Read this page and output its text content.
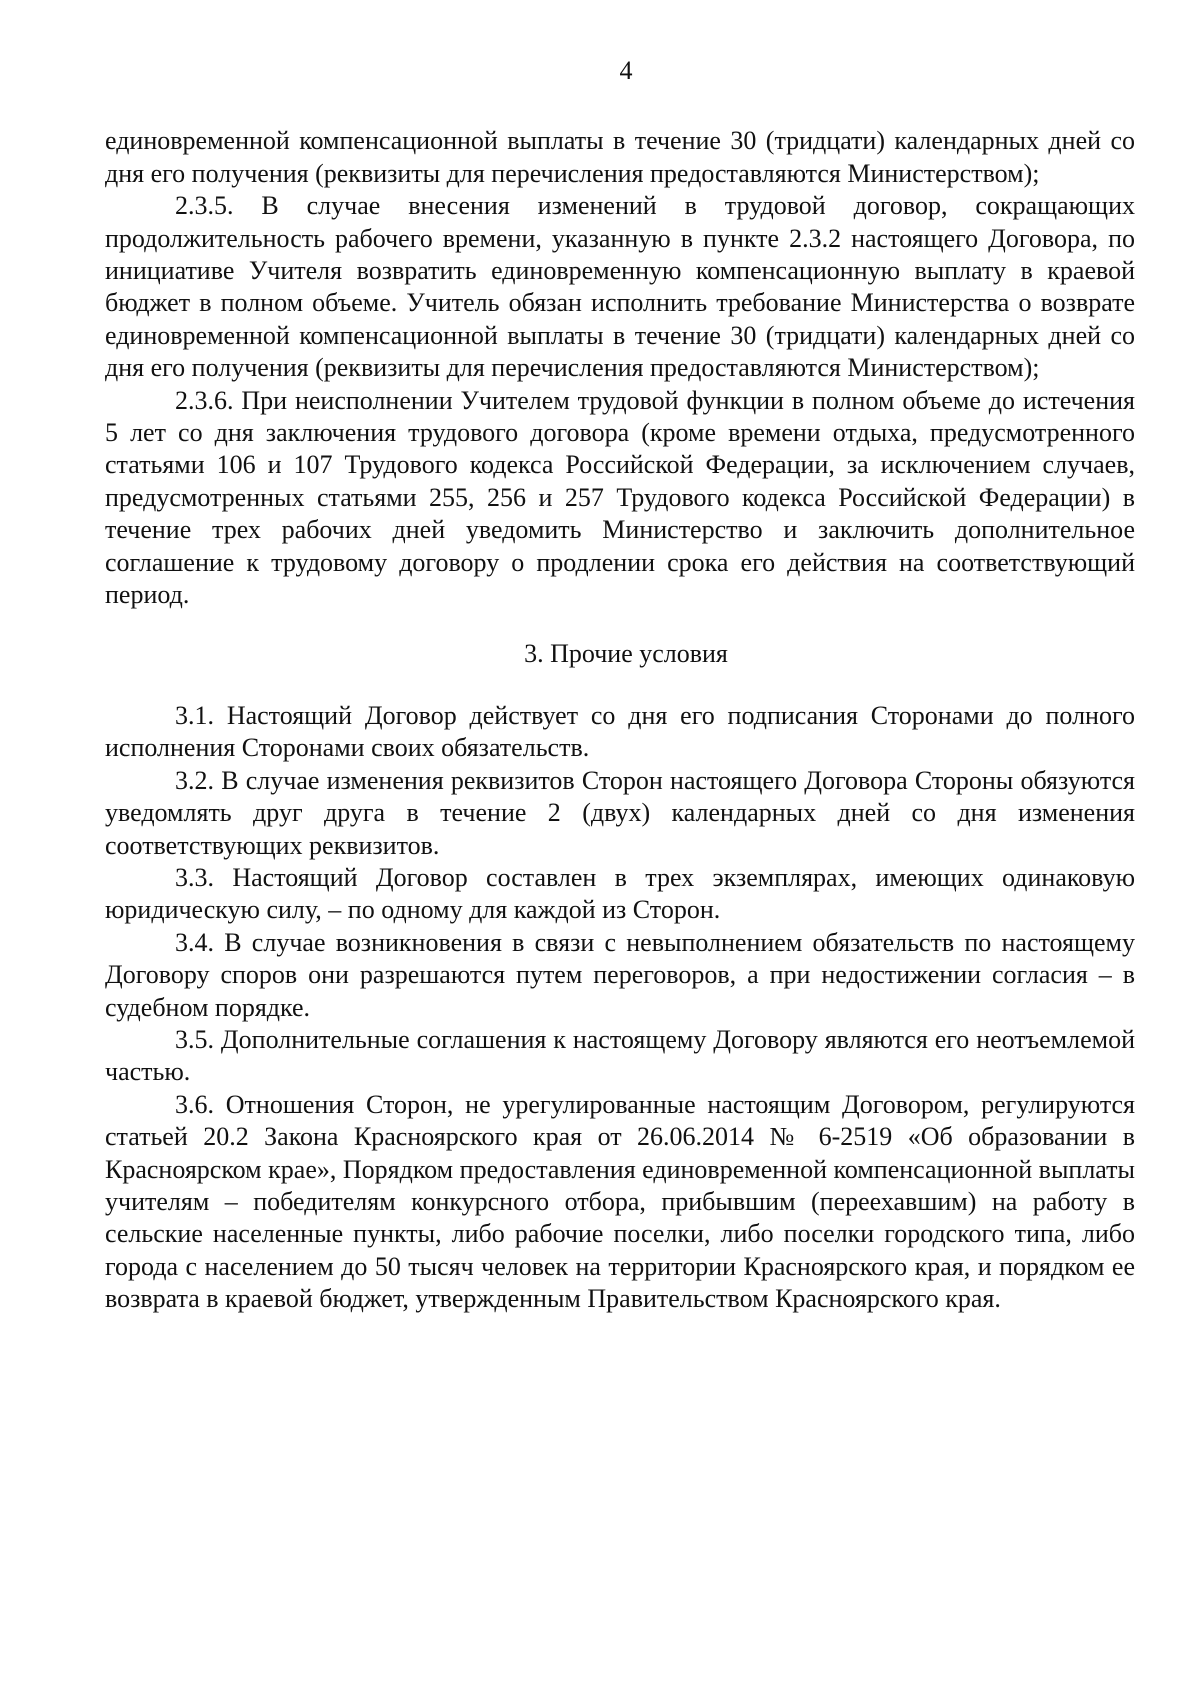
4

единовременной компенсационной выплаты в течение 30 (тридцати) календарных дней со дня его получения (реквизиты для перечисления предоставляются Министерством);

2.3.5. В случае внесения изменений в трудовой договор, сокращающих продолжительность рабочего времени, указанную в пункте 2.3.2 настоящего Договора, по инициативе Учителя возвратить единовременную компенсационную выплату в краевой бюджет в полном объеме. Учитель обязан исполнить требование Министерства о возврате единовременной компенсационной выплаты в течение 30 (тридцати) календарных дней со дня его получения (реквизиты для перечисления предоставляются Министерством);

2.3.6. При неисполнении Учителем трудовой функции в полном объеме до истечения 5 лет со дня заключения трудового договора (кроме времени отдыха, предусмотренного статьями 106 и 107 Трудового кодекса Российской Федерации, за исключением случаев, предусмотренных статьями 255, 256 и 257 Трудового кодекса Российской Федерации) в течение трех рабочих дней уведомить Министерство и заключить дополнительное соглашение к трудовому договору о продлении срока его действия на соответствующий период.

3. Прочие условия

3.1. Настоящий Договор действует со дня его подписания Сторонами до полного исполнения Сторонами своих обязательств.

3.2. В случае изменения реквизитов Сторон настоящего Договора Стороны обязуются уведомлять друг друга в течение 2 (двух) календарных дней со дня изменения соответствующих реквизитов.

3.3. Настоящий Договор составлен в трех экземплярах, имеющих одинаковую юридическую силу, – по одному для каждой из Сторон.

3.4. В случае возникновения в связи с невыполнением обязательств по настоящему Договору споров они разрешаются путем переговоров, а при недостижении согласия – в судебном порядке.

3.5. Дополнительные соглашения к настоящему Договору являются его неотъемлемой частью.

3.6. Отношения Сторон, не урегулированные настоящим Договором, регулируются статьей 20.2 Закона Красноярского края от 26.06.2014 № 6-2519 «Об образовании в Красноярском крае», Порядком предоставления единовременной компенсационной выплаты учителям – победителям конкурсного отбора, прибывшим (переехавшим) на работу в сельские населенные пункты, либо рабочие поселки, либо поселки городского типа, либо города с населением до 50 тысяч человек на территории Красноярского края, и порядком ее возврата в краевой бюджет, утвержденным Правительством Красноярского края.
